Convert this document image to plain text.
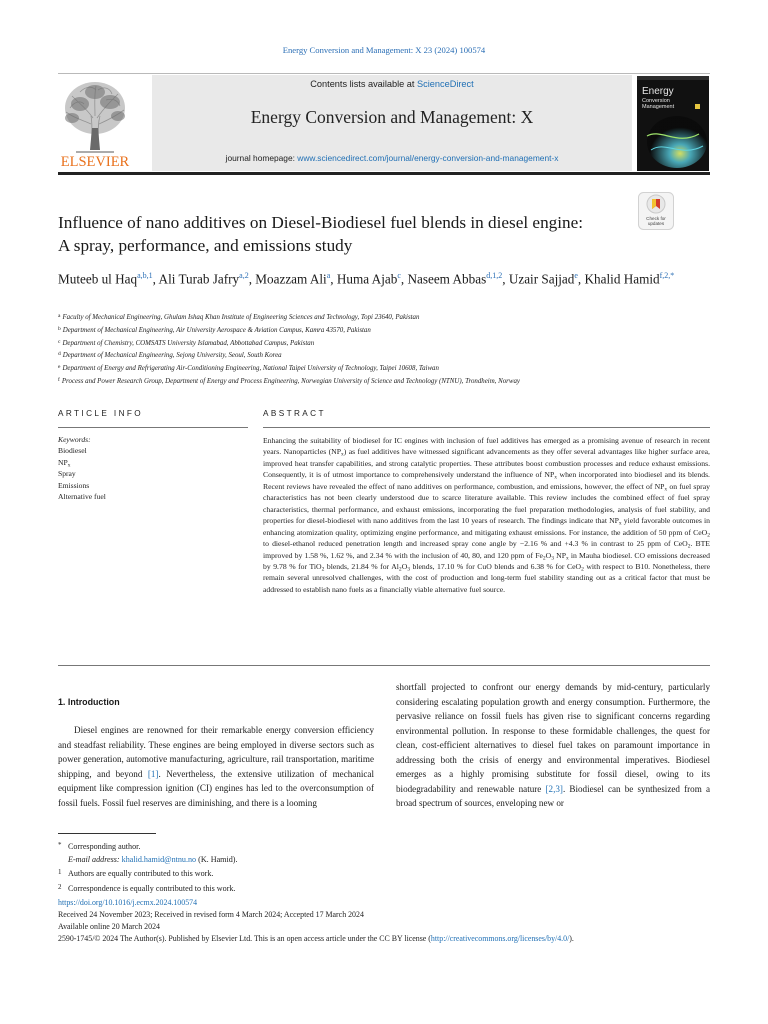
Energy Conversion and Management: X 23 (2024) 100574
ELSEVIER
Contents lists available at ScienceDirect
Energy Conversion and Management: X
journal homepage: www.sciencedirect.com/journal/energy-conversion-and-management-x
Energy
Conversion
Management
Check for
updates
Influence of nano additives on Diesel-Biodiesel fuel blends in diesel engine:
A spray, performance, and emissions study
Muteeb ul Haq$^{a,b,1}$, Ali Turab Jafry$^{a,2}$, Moazzam Ali$^a$, Huma Ajab$^c$, Naseem Abbas$^{d,1,2}$, Uzair Sajjad$^e$, Khalid Hamid$^{f,2,*}$
$^a$ Faculty of Mechanical Engineering, Ghulam Ishaq Khan Institute of Engineering Sciences and Technology, Topi 23640, Pakistan
$^b$ Department of Mechanical Engineering, Air University Aerospace & Aviation Campus, Kamra 43570, Pakistan
$^c$ Department of Chemistry, COMSATS University Islamabad, Abbottabad Campus, Pakistan
$^d$ Department of Mechanical Engineering, Sejong University, Seoul, South Korea
$^e$ Department of Energy and Refrigerating Air-Conditioning Engineering, National Taipei University of Technology, Taipei 10608, Taiwan
$^f$ Process and Power Research Group, Department of Energy and Process Engineering, Norwegian University of Science and Technology (NTNU), Trondheim, Norway
ARTICLE INFO	ABSTRACT
Keywords:
Biodiesel
$NP_x$
Spray
Emissions
Alternative fuel
Enhancing the suitability of biodiesel for IC engines with inclusion of fuel additives has emerged as a promising avenue of research in recent years. Nanoparticles $(NP_x)$ as fuel additives have witnessed significant advancements as they offer several advantages like higher surface area, improved heat transfer capabilities, and strong catalytic properties. These attributes boost combustion processes and reduce exhaust emissions. Consequently, it is of utmost importance to comprehensively understand the influence of $NP_x$ when incorporated into biodiesel and its blends. Recent reviews have revealed the effect of nano additives on performance, combustion, and emissions, however, the effect of $NP_x$ on fuel spray characteristics has not been clearly understood due to scarce literature available. This review includes the combined effect of fuel spray characteristics, thermal performance, and exhaust emissions, incorporating the fuel preparation methodologies, analysis of fuel stability, and properties for diesel-biodiesel with nano additives from the last 10 years of research. The findings indicate that $NP_x$ yield favorable outcomes in enhancing atomization quality, optimizing engine performance, and mitigating exhaust emissions. For instance, the addition of 50 ppm of CeO$_2$ to diesel-ethanol reduced penetration length and increased spray cone angle by −2.16 % and +4.3 % in contrast to 25 ppm of CeO$_2$. BTE improved by 1.58 %, 1.62 %, and 2.34 % with the inclusion of 40, 80, and 120 ppm of $Fe_2O_3$ $NP_x$ in Mauha biodiesel. CO emissions decreased by 9.78 % for TiO$_2$ blends, 21.84 % for $Al_2O_3$ blends, 17.10 % for CuO blends and 6.38 % for CeO$_2$ with respect to B10. Nonetheless, there remain several unresolved challenges, with the cost of production and long-term fuel stability standing out as a critical factor that must be addressed to establish nano fuels as a financially viable alternative fuel source.
1. Introduction

Diesel engines are renowned for their remarkable energy conversion efficiency and steadfast reliability. These engines are being employed in diverse sectors such as power generation, automotive manufacturing, agriculture, rail transportation, maritime shipping, and beyond [1]. Nevertheless, the extensive utilization of mechanical equipment like compression ignition (CI) engines has led to the overconsumption of fossil fuels. Fossil fuel reserves are diminishing, and there is a looming

shortfall projected to confront our energy demands by mid-century, particularly considering escalating population growth and energy consumption. Furthermore, the pervasive reliance on fossil fuels has given rise to significant concerns regarding environmental pollution. In response to these formidable challenges, the quest for clean, cost-efficient alternatives to diesel fuel takes on paramount importance in addressing both the crisis of energy and environmental imperatives. Biodiesel emerges as a highly promising substitute for fossil diesel, owing to its biodegradability and renewable nature [2,3]. Biodiesel can be synthesized from a broad spectrum of sources, enveloping new or

* Corresponding author.
E-mail address: khalid.hamid@ntnu.no (K. Hamid).
1 Authors are equally contributed to this work.
2 Correspondence is equally contributed to this work.
https://doi.org/10.1016/j.ecmx.2024.100574
Received 24 November 2023; Received in revised form 4 March 2024; Accepted 17 March 2024
Available online 20 March 2024
2590-1745/© 2024 The Author(s). Published by Elsevier Ltd. This is an open access article under the CC BY license (http://creativecommons.org/licenses/by/4.0/).
